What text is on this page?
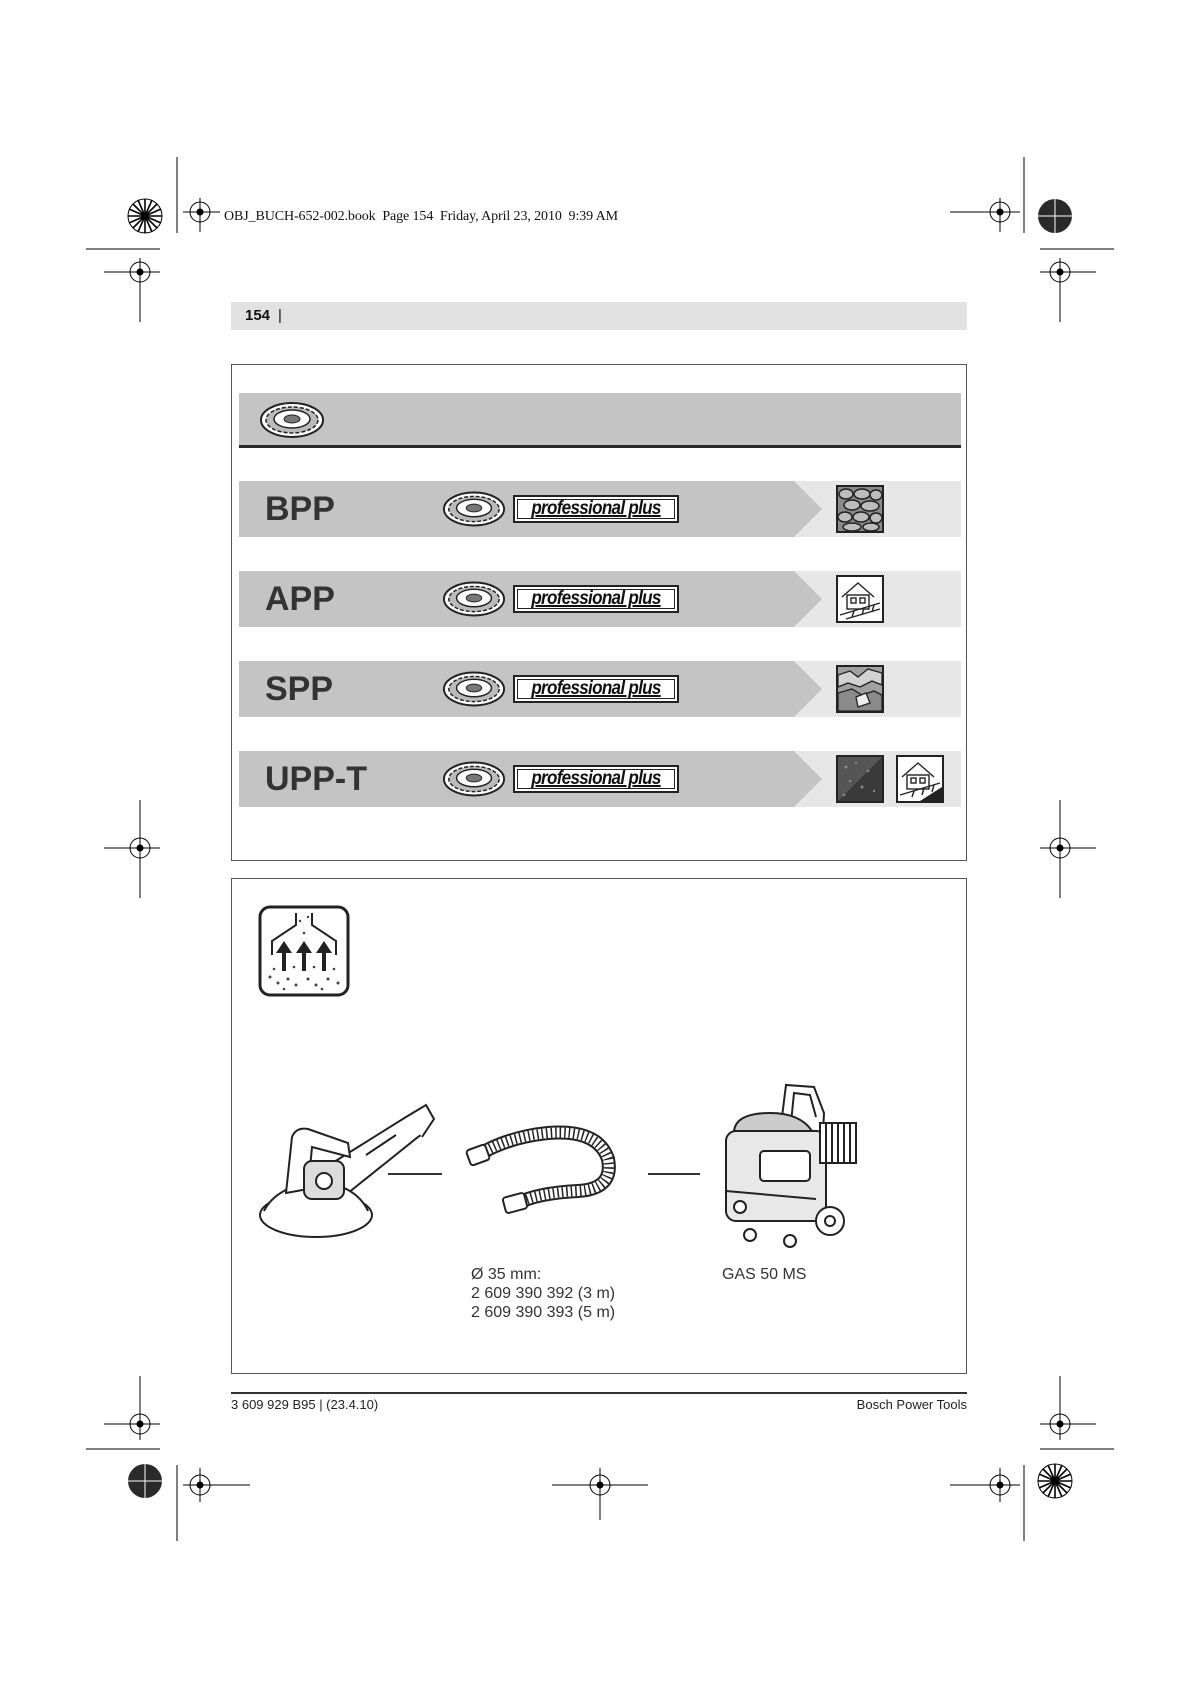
OBJ_BUCH-652-002.book  Page 154  Friday, April 23, 2010  9:39 AM
154 |
BPP	professional plus
APP	professional plus
SPP	professional plus
UPP-T	professional plus
Ø 35 mm:
2 609 390 392 (3 m)
2 609 390 393 (5 m)
GAS 50 MS
3 609 929 B95 | (23.4.10)	Bosch Power Tools
